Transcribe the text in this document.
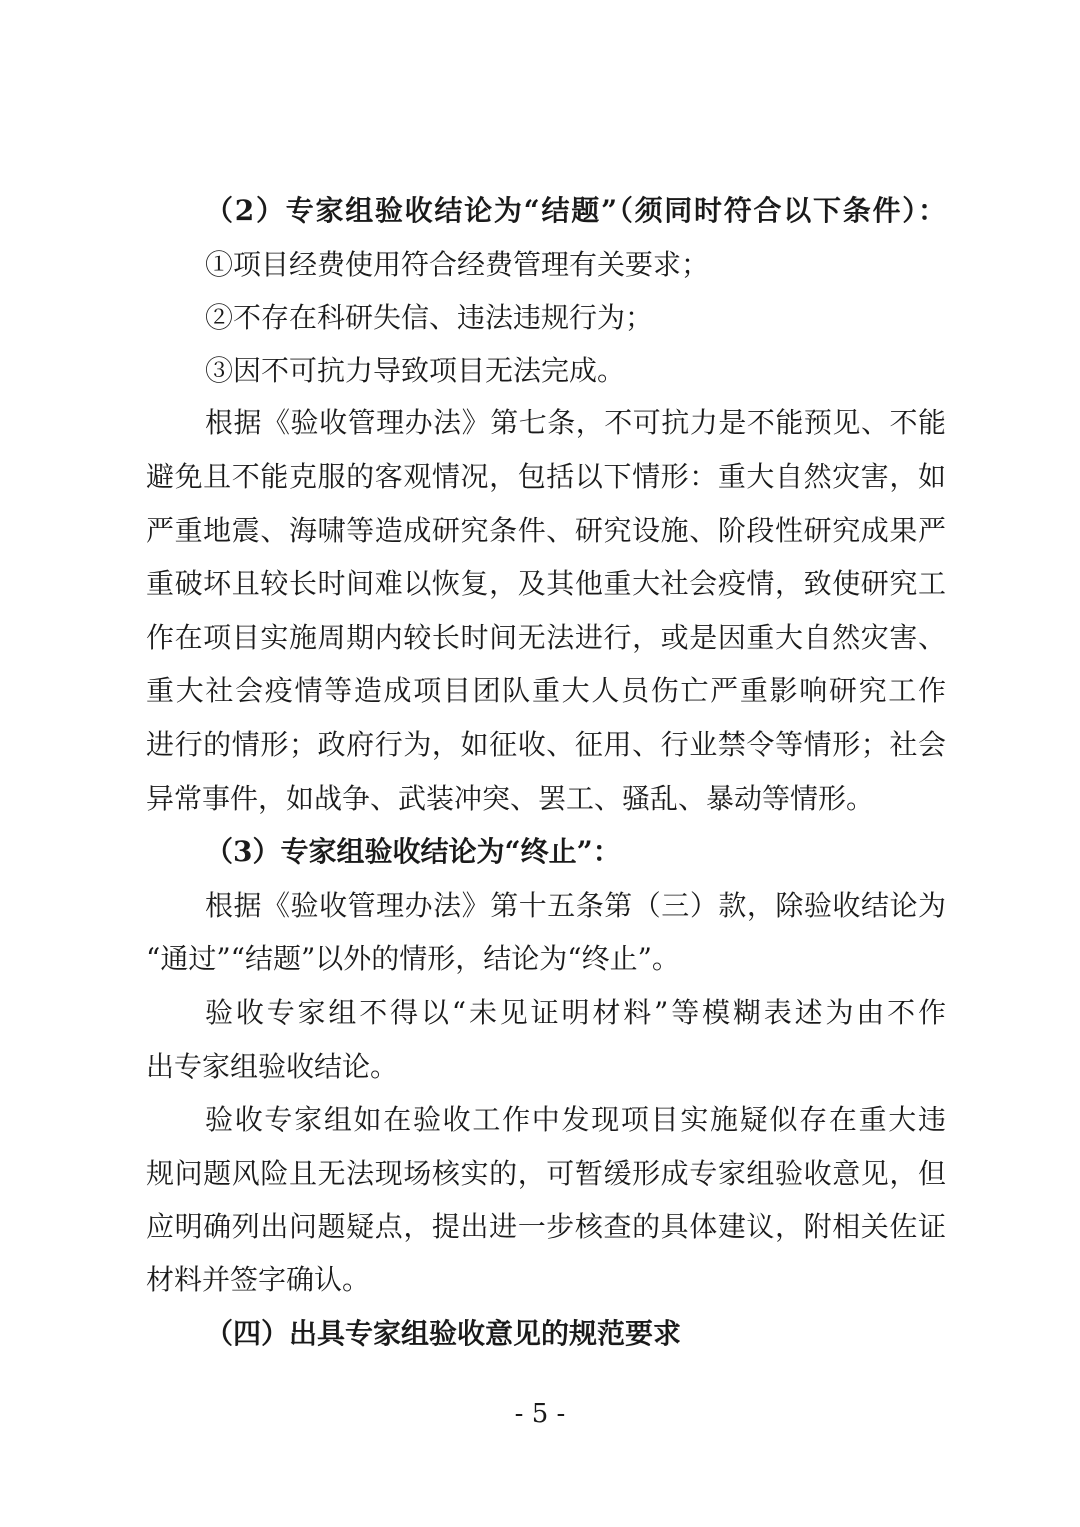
（2）专家组验收结论为“结题”（须同时符合以下条件）：
①项目经费使用符合经费管理有关要求；
②不存在科研失信、违法违规行为；
③因不可抗力导致项目无法完成。
根据《验收管理办法》第七条，不可抗力是不能预见、不能
避免且不能克服的客观情况，包括以下情形：重大自然灾害，如
严重地震、海啸等造成研究条件、研究设施、阶段性研究成果严
重破坏且较长时间难以恢复，及其他重大社会疫情，致使研究工
作在项目实施周期内较长时间无法进行，或是因重大自然灾害、
重大社会疫情等造成项目团队重大人员伤亡严重影响研究工作
进行的情形；政府行为，如征收、征用、行业禁令等情形；社会
异常事件，如战争、武装冲突、罢工、骚乱、暴动等情形。
（3）专家组验收结论为“终止”：
根据《验收管理办法》第十五条第（三）款，除验收结论为
“通过”“结题”以外的情形，结论为“终止”。
验收专家组不得以“未见证明材料”等模糊表述为由不作
出专家组验收结论。
验收专家组如在验收工作中发现项目实施疑似存在重大违
规问题风险且无法现场核实的，可暂缓形成专家组验收意见，但
应明确列出问题疑点，提出进一步核查的具体建议，附相关佐证
材料并签字确认。
（四）出具专家组验收意见的规范要求
- 5 -
